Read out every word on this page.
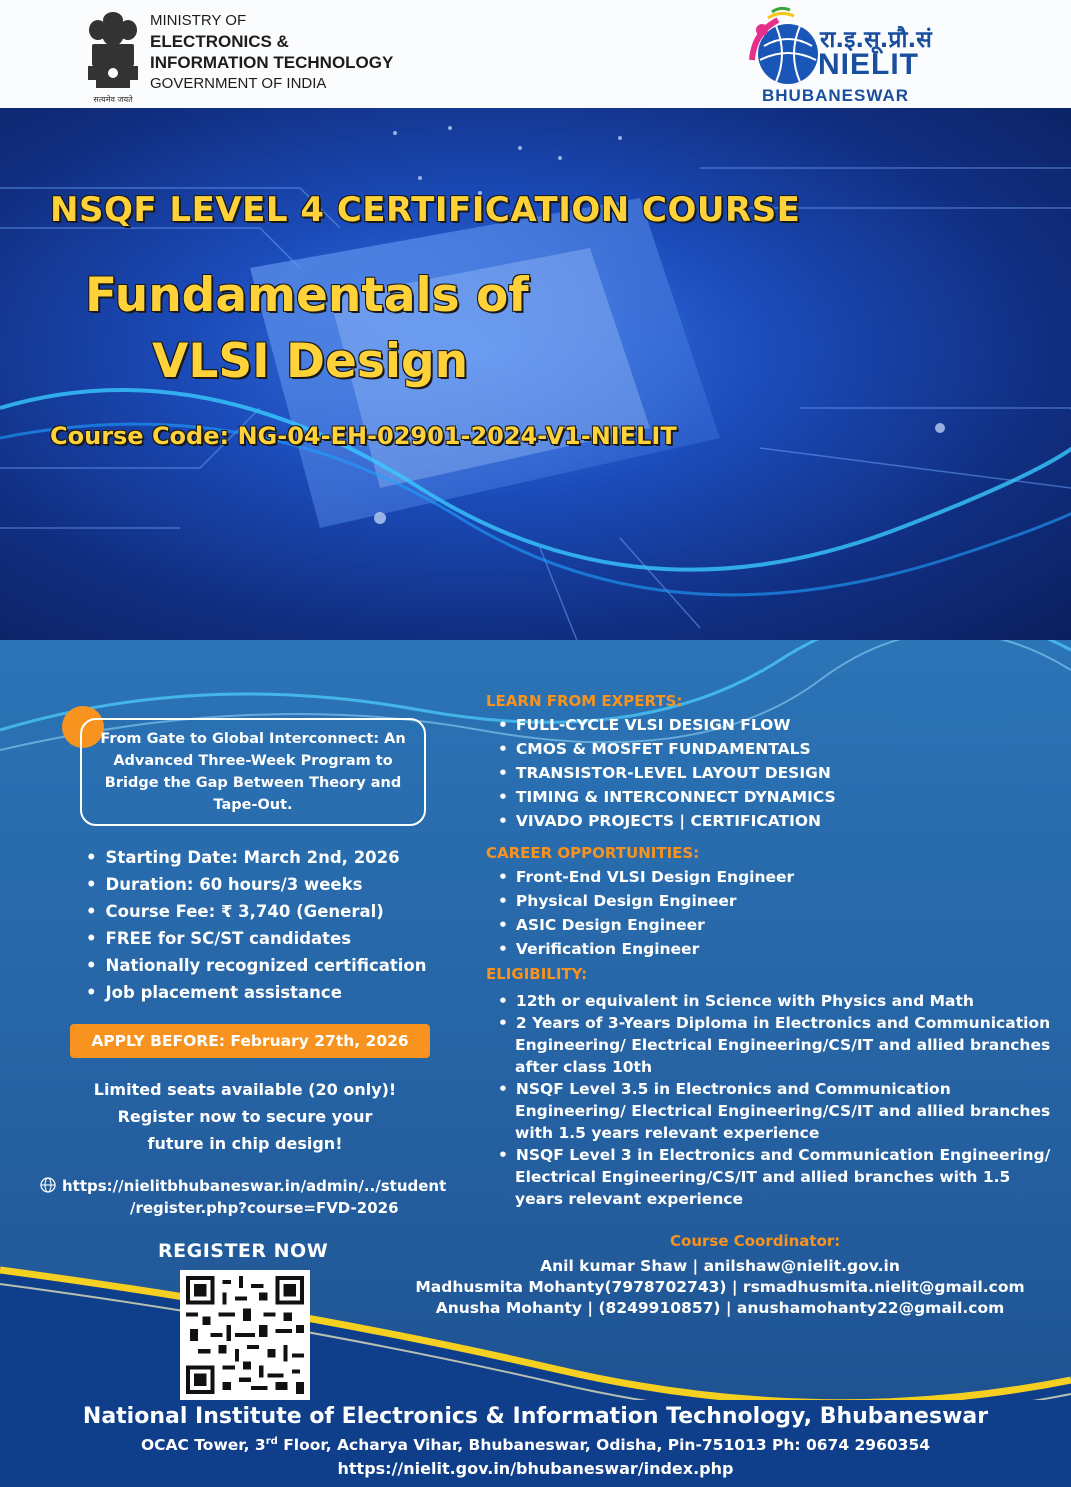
सत्यमेव जयते
MINISTRY OF
ELECTRONICS &
INFORMATION TECHNOLOGY
GOVERNMENT OF INDIA
रा.इ.सू.प्रौ.सं
NIELIT
BHUBANESWAR
NSQF LEVEL 4 CERTIFICATION COURSE
Fundamentals of
VLSI Design
Course Code: NG-04-EH-02901-2024-V1-NIELIT
From Gate to Global Interconnect: An Advanced Three-Week Program to Bridge the Gap Between Theory and Tape-Out.
• Starting Date: March 2nd, 2026
• Duration: 60 hours/3 weeks
• Course Fee: ₹ 3,740 (General)
• FREE for SC/ST candidates
• Nationally recognized certification
• Job placement assistance
APPLY BEFORE: February 27th, 2026
Limited seats available (20 only)!
Register now to secure your
future in chip design!
https://nielitbhubaneswar.in/admin/../student
/register.php?course=FVD-2026
REGISTER NOW
LEARN FROM EXPERTS:
• FULL-CYCLE VLSI DESIGN FLOW
• CMOS & MOSFET FUNDAMENTALS
• TRANSISTOR-LEVEL LAYOUT DESIGN
• TIMING & INTERCONNECT DYNAMICS
• VIVADO PROJECTS | CERTIFICATION
CAREER OPPORTUNITIES:
• Front-End VLSI Design Engineer
• Physical Design Engineer
• ASIC Design Engineer
• Verification Engineer
ELIGIBILITY:
• 12th or equivalent in Science with Physics and Math
• 2 Years of 3-Years Diploma in Electronics and Communication Engineering/ Electrical Engineering/CS/IT and allied branches after class 10th
• NSQF Level 3.5 in Electronics and Communication Engineering/ Electrical Engineering/CS/IT and allied branches with 1.5 years relevant experience
• NSQF Level 3 in Electronics and Communication Engineering/ Electrical Engineering/CS/IT and allied branches with 1.5 years relevant experience
Course Coordinator:
Anil kumar Shaw | anilshaw@nielit.gov.in
Madhusmita Mohanty(7978702743) | rsmadhusmita.nielit@gmail.com
Anusha Mohanty | (8249910857) | anushamohanty22@gmail.com
National Institute of Electronics & Information Technology, Bhubaneswar
OCAC Tower, 3rd Floor, Acharya Vihar, Bhubaneswar, Odisha, Pin-751013 Ph: 0674 2960354
https://nielit.gov.in/bhubaneswar/index.php
